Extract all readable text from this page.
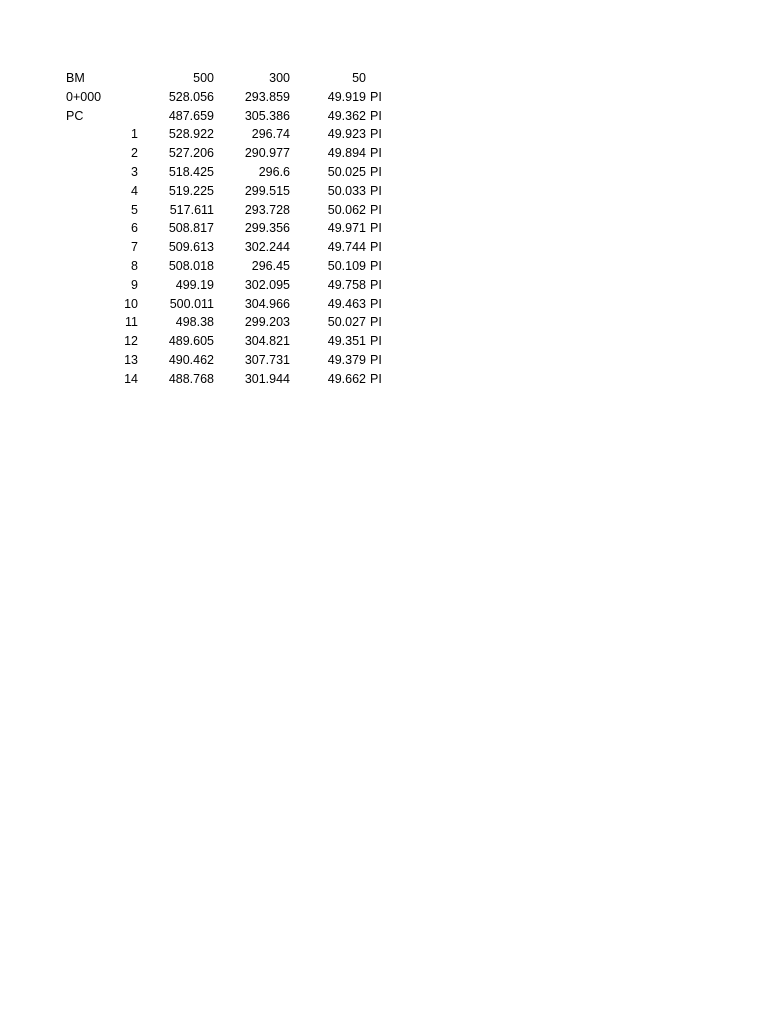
BM	500	300	50
0+000	528.056	293.859	49.919 PI
PC	487.659	305.386	49.362 PI
1	528.922	296.74	49.923 PI
2	527.206	290.977	49.894 PI
3	518.425	296.6	50.025 PI
4	519.225	299.515	50.033 PI
5	517.611	293.728	50.062 PI
6	508.817	299.356	49.971 PI
7	509.613	302.244	49.744 PI
8	508.018	296.45	50.109 PI
9	499.19	302.095	49.758 PI
10	500.011	304.966	49.463 PI
11	498.38	299.203	50.027 PI
12	489.605	304.821	49.351 PI
13	490.462	307.731	49.379 PI
14	488.768	301.944	49.662 PI
